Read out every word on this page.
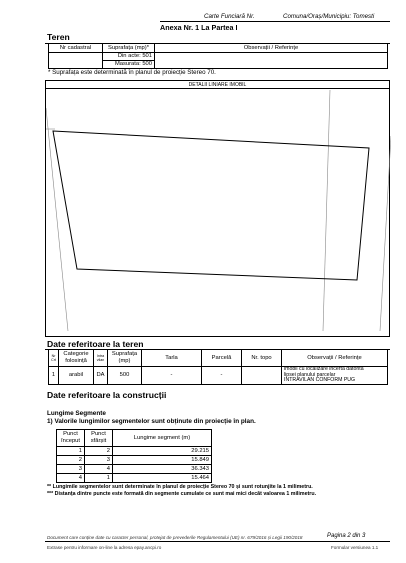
Carte Funciară Nr.	Comuna/Oraș/Municipiu: Tomesti
Anexa Nr. 1 La Partea I
Teren
Nr cadastral	Suprafața (mp)*	Observații / Referințe
	Din acte: 501	
	Masurata: 500	
* Suprafața este determinată în planul de proiecție Stereo 70.
DETALII LINIARE IMOBIL
Date referitoare la teren
Nr Crt	Categorie folosință	Intra vilan	Suprafața (mp)	Tarla	Parcelă	Nr. topo	Observații / Referințe
1	arabil	DA	500	-	-		imobil cu localizare incerta datorita
lipsei planului parcelar
INTRAVILAN CONFORM PUG
Date referitoare la construcții
Lungime Segmente
1) Valorile lungimilor segmentelor sunt obținute din proiecție în plan.
Punct început	Punct sfârșit	Lungime segment (m)
1	2	29.215
2	3	15.849
3	4	36.343
4	1	15.464
** Lungimile segmentelor sunt determinate în planul de proiecție Stereo 70 și sunt rotunjite la 1 milimetru.
*** Distanța dintre puncte este formată din segmente cumulate ce sunt mai mici decât valoarea 1 milimetru.
Document care conține date cu caracter personal, protejat de prevederile Regulamentului (UE) nr. 679/2016 și Legii 190/2018	Pagina 2 din 3
Extrase pentru informare on-line la adresa epay.ancpi.ro	Formular versiunea 1.1
